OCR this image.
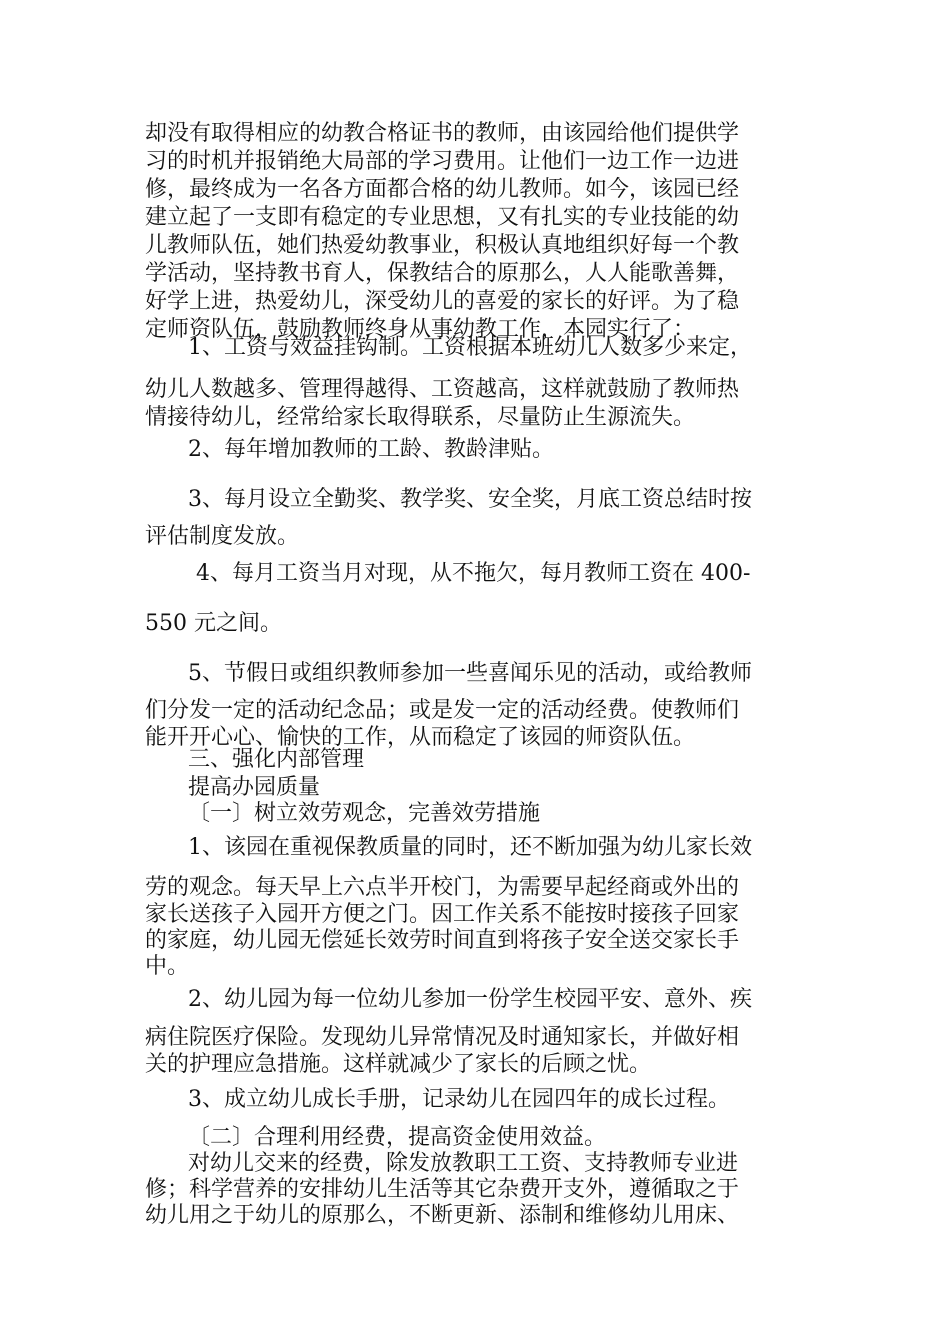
却没有取得相应的幼教合格证书的教师，由该园给他们提供学

习的时机并报销绝大局部的学习费用。让他们一边工作一边进

修，最终成为一名各方面都合格的幼儿教师。如今，该园已经

建立起了一支即有稳定的专业思想，又有扎实的专业技能的幼

儿教师队伍，她们热爱幼教事业，积极认真地组织好每一个教

学活动，坚持教书育人，保教结合的原那么，人人能歌善舞，

好学上进，热爱幼儿，深受幼儿的喜爱的家长的好评。为了稳

定师资队伍，鼓励教师终身从事幼教工作，本园实行了：

1、工资与效益挂钩制。工资根据本班幼儿人数多少来定，

幼儿人数越多、管理得越得、工资越高，这样就鼓励了教师热

情接待幼儿，经常给家长取得联系，尽量防止生源流失。

2、每年增加教师的工龄、教龄津贴。

3、每月设立全勤奖、教学奖、安全奖，月底工资总结时按

评估制度发放。

4、每月工资当月对现，从不拖欠，每月教师工资在 400-

550 元之间。

5、节假日或组织教师参加一些喜闻乐见的活动，或给教师

们分发一定的活动纪念品；或是发一定的活动经费。使教师们

能开开心心、愉快的工作，从而稳定了该园的师资队伍。

三、强化内部管理

提高办园质量

〔一〕树立效劳观念，完善效劳措施

1、该园在重视保教质量的同时，还不断加强为幼儿家长效

劳的观念。每天早上六点半开校门，为需要早起经商或外出的

家长送孩子入园开方便之门。因工作关系不能按时接孩子回家

的家庭，幼儿园无偿延长效劳时间直到将孩子安全送交家长手

中。

2、幼儿园为每一位幼儿参加一份学生校园平安、意外、疾

病住院医疗保险。发现幼儿异常情况及时通知家长，并做好相

关的护理应急措施。这样就减少了家长的后顾之忧。

3、成立幼儿成长手册，记录幼儿在园四年的成长过程。

〔二〕合理利用经费，提高资金使用效益。

对幼儿交来的经费，除发放教职工工资、支持教师专业进

修；科学营养的安排幼儿生活等其它杂费开支外，遵循取之于

幼儿用之于幼儿的原那么，不断更新、添制和维修幼儿用床、
